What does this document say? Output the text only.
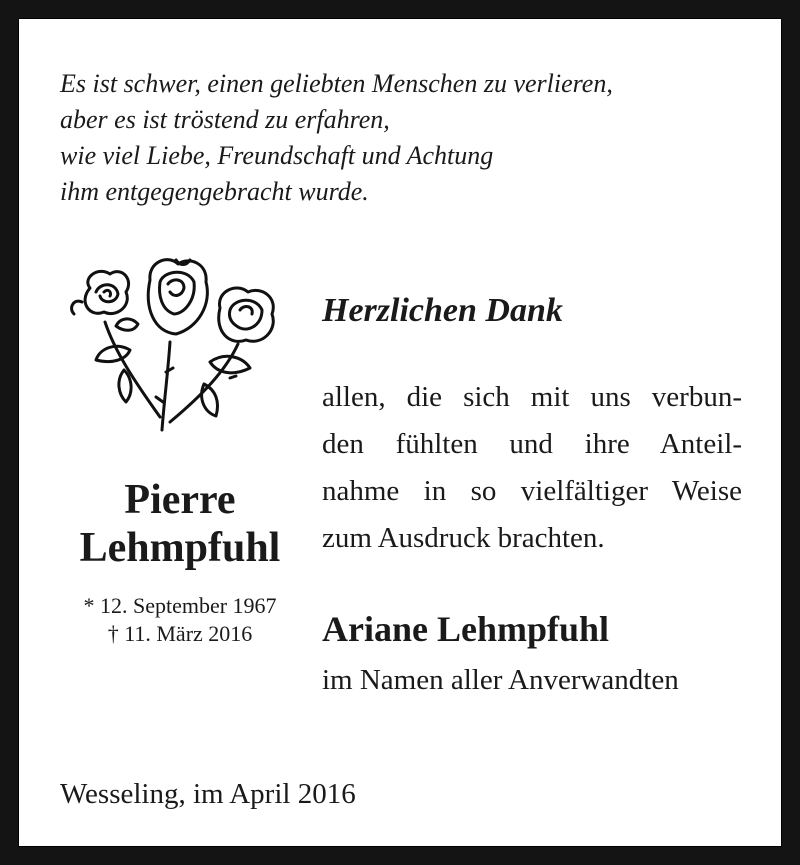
Es ist schwer, einen geliebten Menschen zu verlieren,
aber es ist tröstend zu erfahren,
wie viel Liebe, Freundschaft und Achtung
ihm entgegengebracht wurde.
Pierre
Lehmpfuhl
* 12. September 1967
† 11. März 2016
Herzlichen Dank
allen, die sich mit uns verbun-
den fühlten und ihre Anteil-
nahme in so vielfältiger Weise
zum Ausdruck brachten.
Ariane Lehmpfuhl
im Namen aller Anverwandten
Wesseling, im April 2016
